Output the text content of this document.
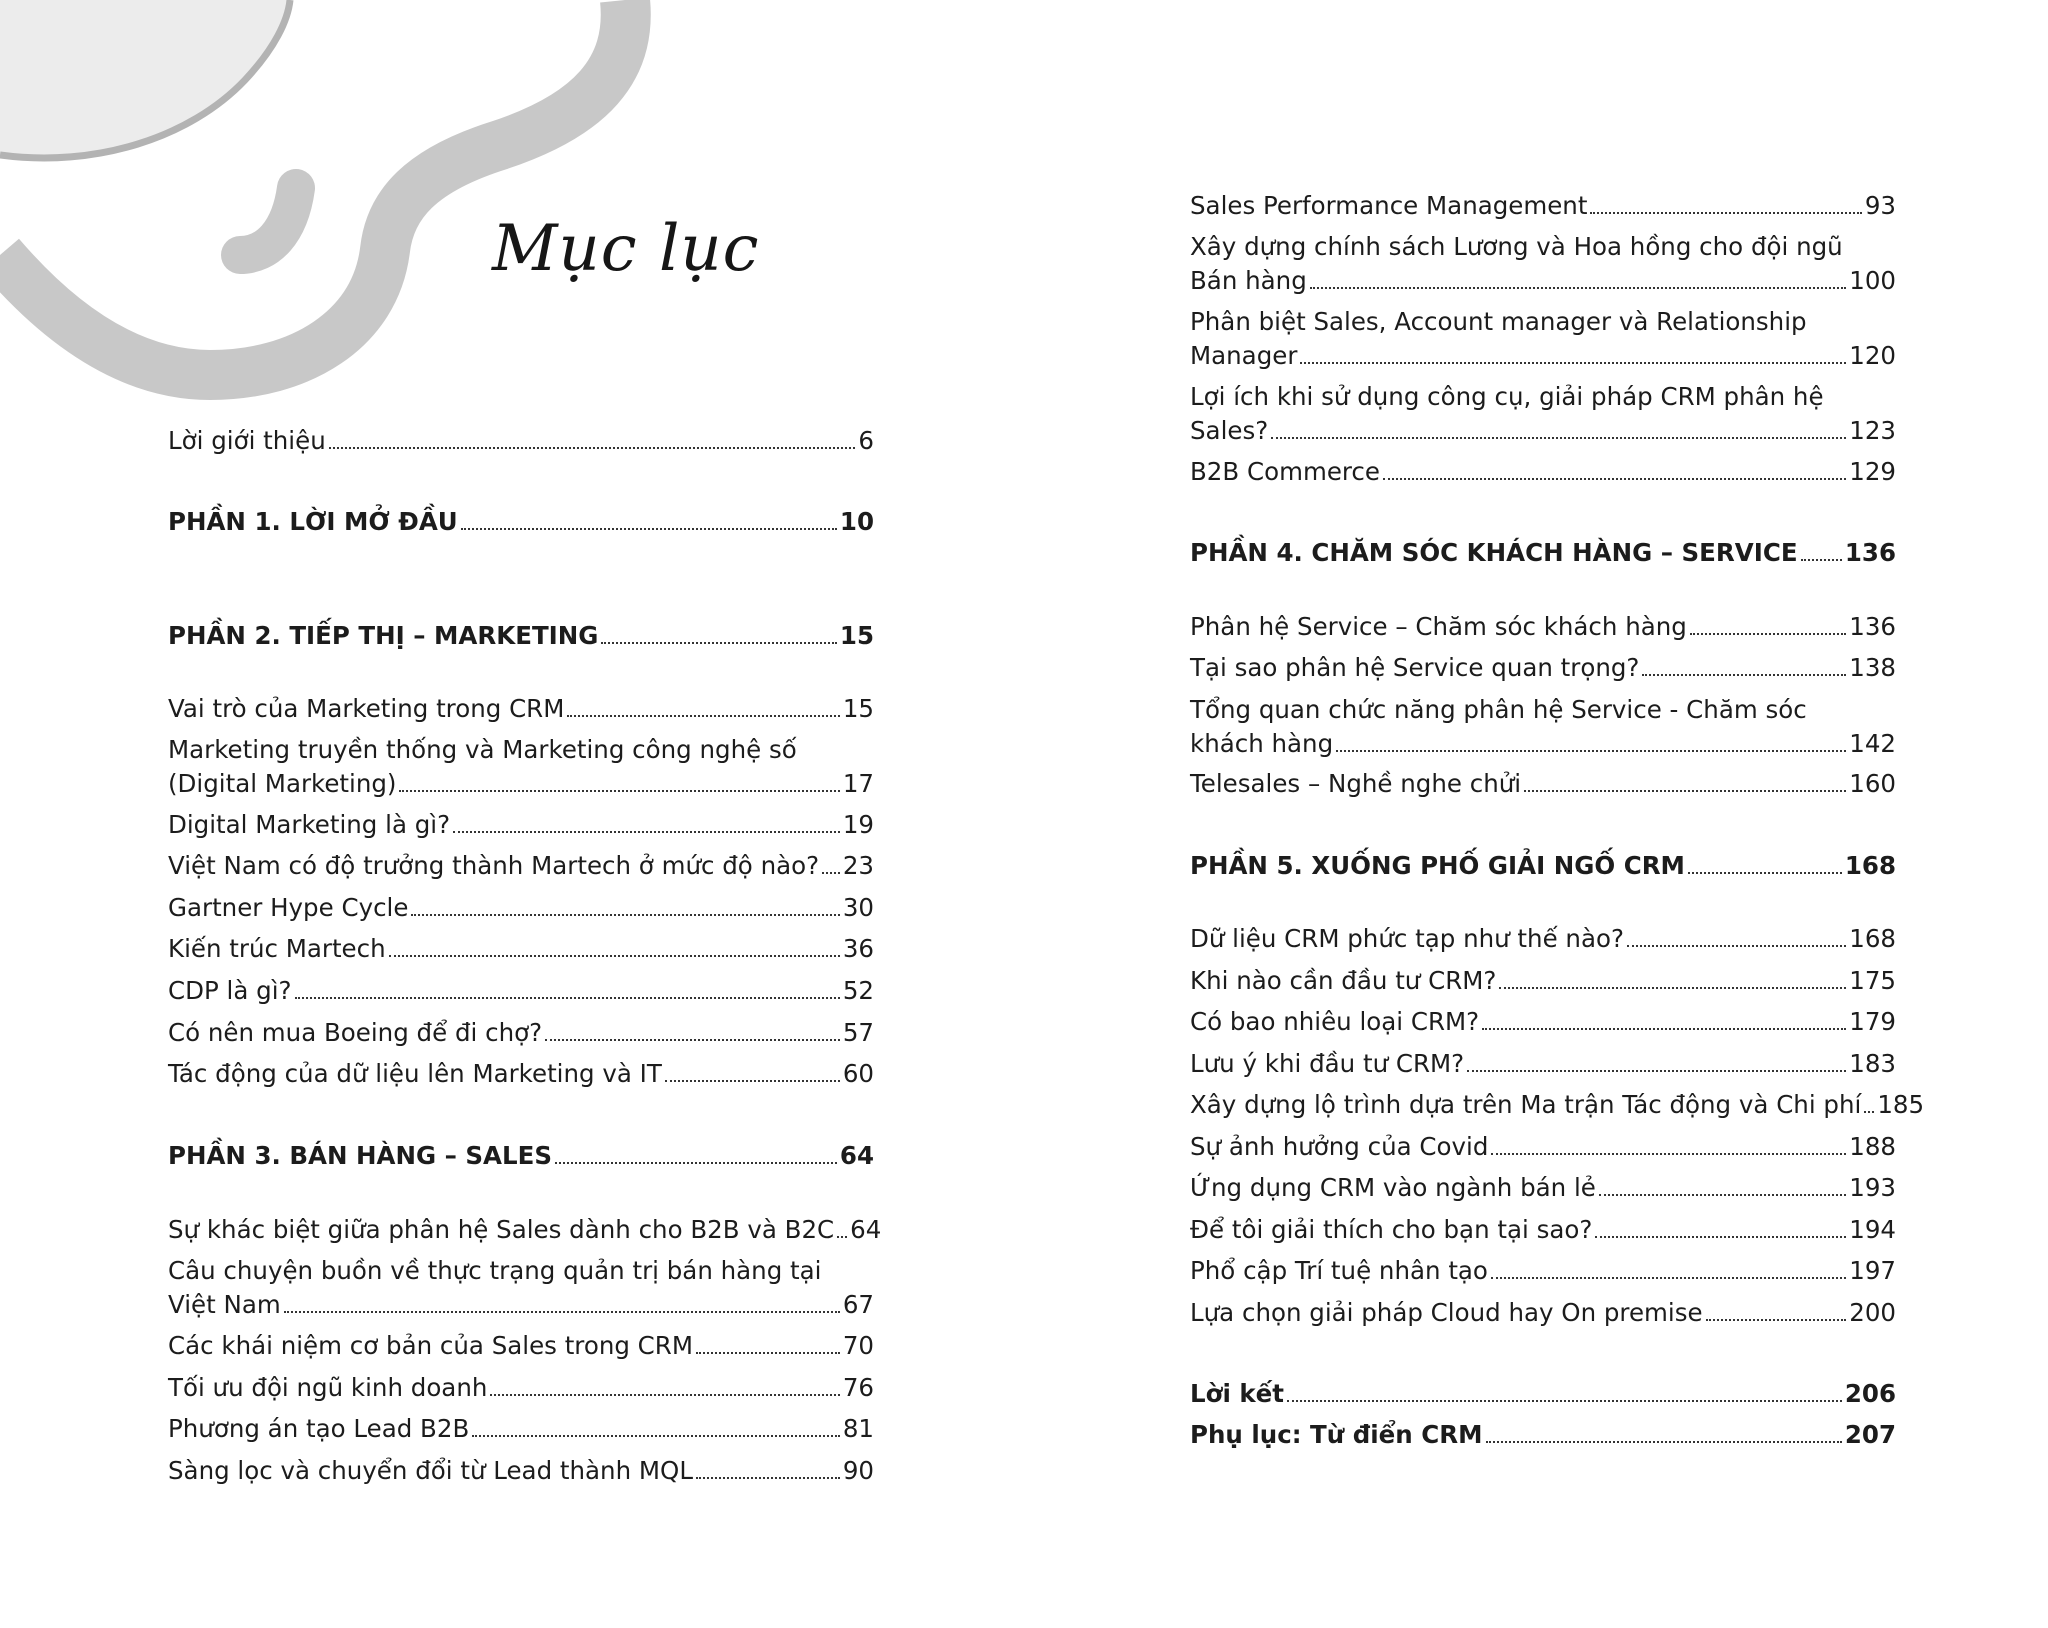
Mục lục
Lời giới thiệu	6
PHẦN 1. LỜI MỞ ĐẦU	10
PHẦN 2. TIẾP THỊ – MARKETING	15
Vai trò của Marketing trong CRM	15
Marketing truyền thống và Marketing công nghệ số
(Digital Marketing)	17
Digital Marketing là gì?	19
Việt Nam có độ trưởng thành Martech ở mức độ nào? 23
Gartner Hype Cycle	30
Kiến trúc Martech	36
CDP là gì?	52
Có nên mua Boeing để đi chợ?	57
Tác động của dữ liệu lên Marketing và IT	60
PHẦN 3. BÁN HÀNG – SALES	64
Sự khác biệt giữa phân hệ Sales dành cho B2B và B2C 64
Câu chuyện buồn về thực trạng quản trị bán hàng tại
Việt Nam	67
Các khái niệm cơ bản của Sales trong CRM	70
Tối ưu đội ngũ kinh doanh	76
Phương án tạo Lead B2B	81
Sàng lọc và chuyển đổi từ Lead thành MQL	90
Sales Performance Management	93
Xây dựng chính sách Lương và Hoa hồng cho đội ngũ
Bán hàng	100
Phân biệt Sales, Account manager và Relationship
Manager	120
Lợi ích khi sử dụng công cụ, giải pháp CRM phân hệ
Sales?	123
B2B Commerce	129
PHẦN 4. CHĂM SÓC KHÁCH HÀNG – SERVICE 136
Phân hệ Service – Chăm sóc khách hàng	136
Tại sao phân hệ Service quan trọng?	138
Tổng quan chức năng phân hệ Service - Chăm sóc
khách hàng	142
Telesales – Nghề nghe chửi	160
PHẦN 5. XUỐNG PHỐ GIẢI NGỐ CRM	168
Dữ liệu CRM phức tạp như thế nào?	168
Khi nào cần đầu tư CRM?	175
Có bao nhiêu loại CRM?	179
Lưu ý khi đầu tư CRM?	183
Xây dựng lộ trình dựa trên Ma trận Tác động và Chi phí 185
Sự ảnh hưởng của Covid	188
Ứng dụng CRM vào ngành bán lẻ	193
Để tôi giải thích cho bạn tại sao?	194
Phổ cập Trí tuệ nhân tạo	197
Lựa chọn giải pháp Cloud hay On premise	200
Lời kết	206
Phụ lục: Từ điển CRM	207
